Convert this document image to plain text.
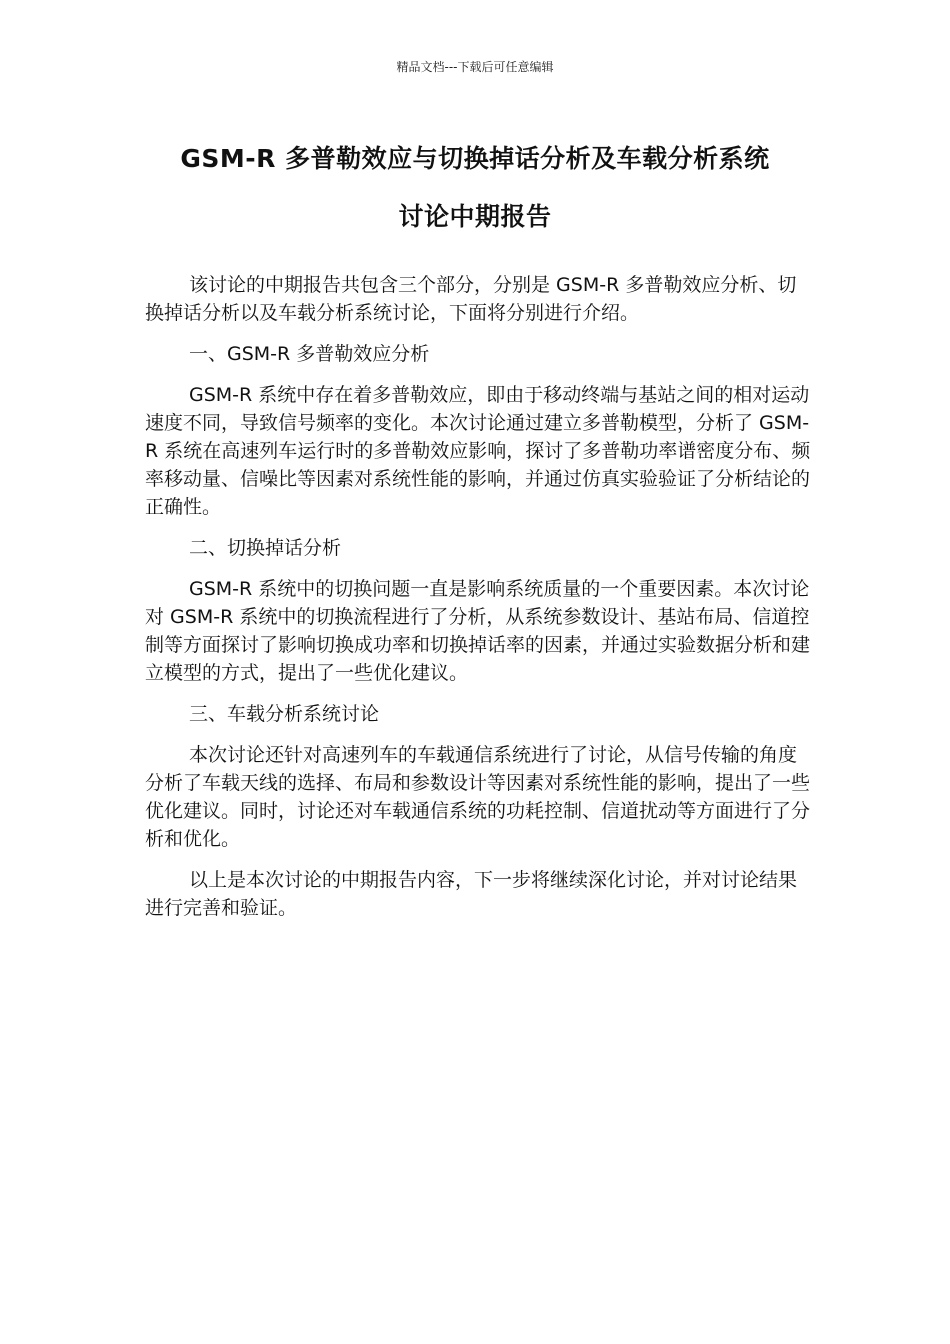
精品文档---下载后可任意编辑
GSM-R 多普勒效应与切换掉话分析及车载分析系统
讨论中期报告

该讨论的中期报告共包含三个部分，分别是 GSM-R 多普勒效应分析、切换掉话分析以及车载分析系统讨论，下面将分别进行介绍。

一、GSM-R 多普勒效应分析

GSM-R 系统中存在着多普勒效应，即由于移动终端与基站之间的相对运动速度不同，导致信号频率的变化。本次讨论通过建立多普勒模型，分析了 GSM-R 系统在高速列车运行时的多普勒效应影响，探讨了多普勒功率谱密度分布、频率移动量、信噪比等因素对系统性能的影响，并通过仿真实验验证了分析结论的正确性。

二、切换掉话分析

GSM-R 系统中的切换问题一直是影响系统质量的一个重要因素。本次讨论对 GSM-R 系统中的切换流程进行了分析，从系统参数设计、基站布局、信道控制等方面探讨了影响切换成功率和切换掉话率的因素，并通过实验数据分析和建立模型的方式，提出了一些优化建议。

三、车载分析系统讨论

本次讨论还针对高速列车的车载通信系统进行了讨论，从信号传输的角度分析了车载天线的选择、布局和参数设计等因素对系统性能的影响，提出了一些优化建议。同时，讨论还对车载通信系统的功耗控制、信道扰动等方面进行了分析和优化。

以上是本次讨论的中期报告内容，下一步将继续深化讨论，并对讨论结果进行完善和验证。
